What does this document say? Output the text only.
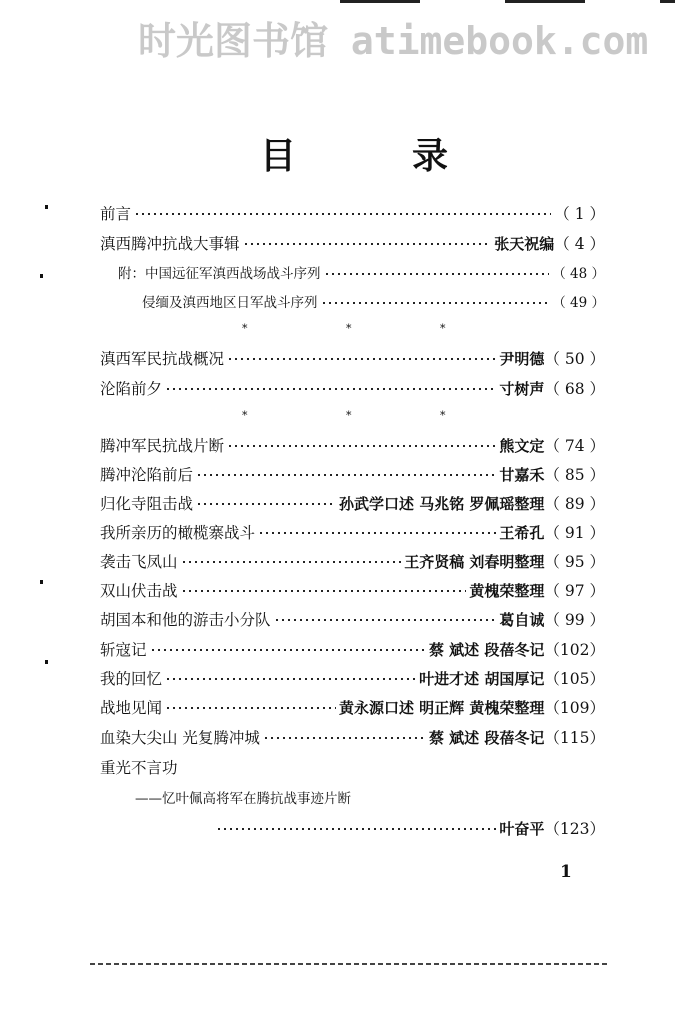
时光图书馆 atimebook.com
目	录
前言	（ 1 ）
滇西腾冲抗战大事辑	张天祝编 （ 4 ）
附：中国远征军滇西战场战斗序列	（ 48 ）
侵缅及滇西地区日军战斗序列	（ 49 ）
*	*	*
滇西军民抗战概况	尹明德 （ 50 ）
沦陷前夕	寸树声 （ 68 ）
*	*	*
腾冲军民抗战片断	熊文定 （ 74 ）
腾冲沦陷前后	甘嘉禾 （ 85 ）
归化寺阻击战	孙武学口述 马兆铭 罗佩瑶整理 （ 89 ）
我所亲历的橄榄寨战斗	王希孔 （ 91 ）
袭击飞凤山	王齐贤稿 刘春明整理 （ 95 ）
双山伏击战	黄槐荣整理 （ 97 ）
胡国本和他的游击小分队	葛自诚 （ 99 ）
斩寇记	蔡 斌述 段蓓冬记 （102）
我的回忆	叶进才述 胡国厚记 （105）
战地见闻	黄永源口述 明正辉 黄槐荣整理 （109）
血染大尖山 光复腾冲城	蔡 斌述 段蓓冬记 （115）
重光不言功
——忆叶佩高将军在腾抗战事迹片断
叶奋平 （123）
1
